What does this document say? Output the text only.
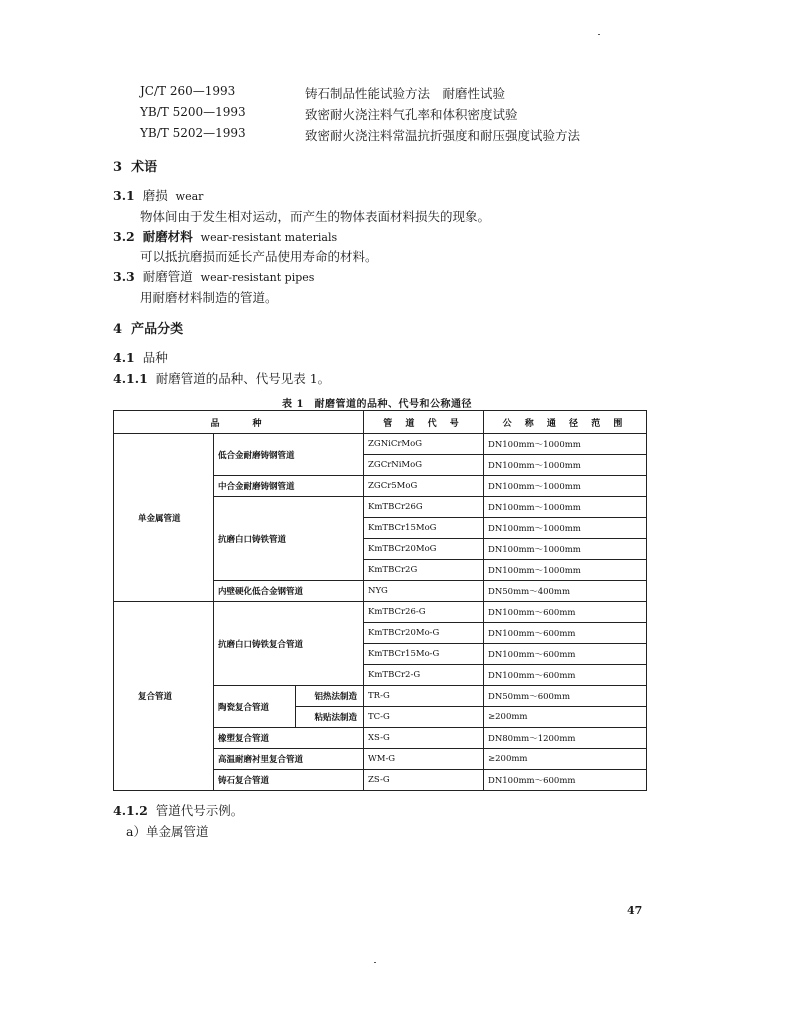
JC/T 260—1993	铸石制品性能试验方法　耐磨性试验
YB/T 5200—1993	致密耐火浇注料气孔率和体积密度试验
YB/T 5202—1993	致密耐火浇注料常温抗折强度和耐压强度试验方法
3 术语
3.1 磨损 wear
物体间由于发生相对运动，而产生的物体表面材料损失的现象。
3.2 耐磨材料 wear-resistant materials
可以抵抗磨损而延长产品使用寿命的材料。
3.3 耐磨管道 wear-resistant pipes
用耐磨材料制造的管道。
4 产品分类
4.1 品种
4.1.1 耐磨管道的品种、代号见表 1。
表 1　耐磨管道的品种、代号和公称通径
品　　种			管 道 代 号	公 称 通 径 范 围
单金属管道	低合金耐磨铸钢管道		ZGNiCrMoG	DN100mm～1000mm
			ZGCrNiMoG	DN100mm～1000mm
	中合金耐磨铸钢管道		ZGCr5MoG	DN100mm～1000mm
	抗磨白口铸铁管道		KmTBCr26G	DN100mm～1000mm
			KmTBCr15MoG	DN100mm～1000mm
			KmTBCr20MoG	DN100mm～1000mm
			KmTBCr2G	DN100mm～1000mm
	内壁硬化低合金钢管道		NYG	DN50mm～400mm
复合管道	抗磨白口铸铁复合管道		KmTBCr26-G	DN100mm～600mm
			KmTBCr20Mo-G	DN100mm～600mm
			KmTBCr15Mo-G	DN100mm～600mm
			KmTBCr2-G	DN100mm～600mm
	陶瓷复合管道	铝热法制造	TR-G	DN50mm～600mm
		粘贴法制造	TC-G	≥200mm
	橡塑复合管道		XS-G	DN80mm～1200mm
	高温耐磨衬里复合管道		WM-G	≥200mm
	铸石复合管道		ZS-G	DN100mm～600mm
4.1.2 管道代号示例。
a）单金属管道
47
